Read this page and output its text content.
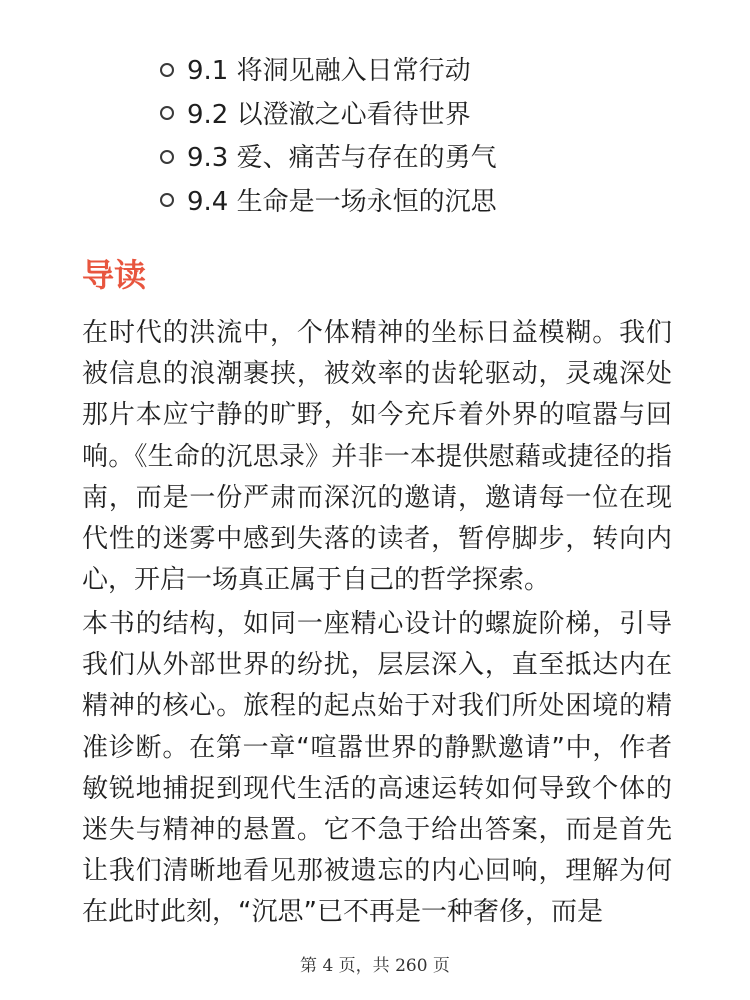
9.1 将洞见融入日常行动
9.2 以澄澈之心看待世界
9.3 爱、痛苦与存在的勇气
9.4 生命是一场永恒的沉思
导读

在时代的洪流中，个体精神的坐标日益模糊。我们被信息的浪潮裹挟，被效率的齿轮驱动，灵魂深处那片本应宁静的旷野，如今充斥着外界的喧嚣与回响。《生命的沉思录》并非一本提供慰藉或捷径的指南，而是一份严肃而深沉的邀请，邀请每一位在现代性的迷雾中感到失落的读者，暂停脚步，转向内心，开启一场真正属于自己的哲学探索。

本书的结构，如同一座精心设计的螺旋阶梯，引导我们从外部世界的纷扰，层层深入，直至抵达内在精神的核心。旅程的起点始于对我们所处困境的精准诊断。在第一章“喧嚣世界的静默邀请”中，作者敏锐地捕捉到现代生活的高速运转如何导致个体的迷失与精神的悬置。它不急于给出答案，而是首先让我们清晰地看见那被遗忘的内心回响，理解为何在此时此刻，“沉思”已不再是一种奢侈，而是

第 4 页，共 260 页
